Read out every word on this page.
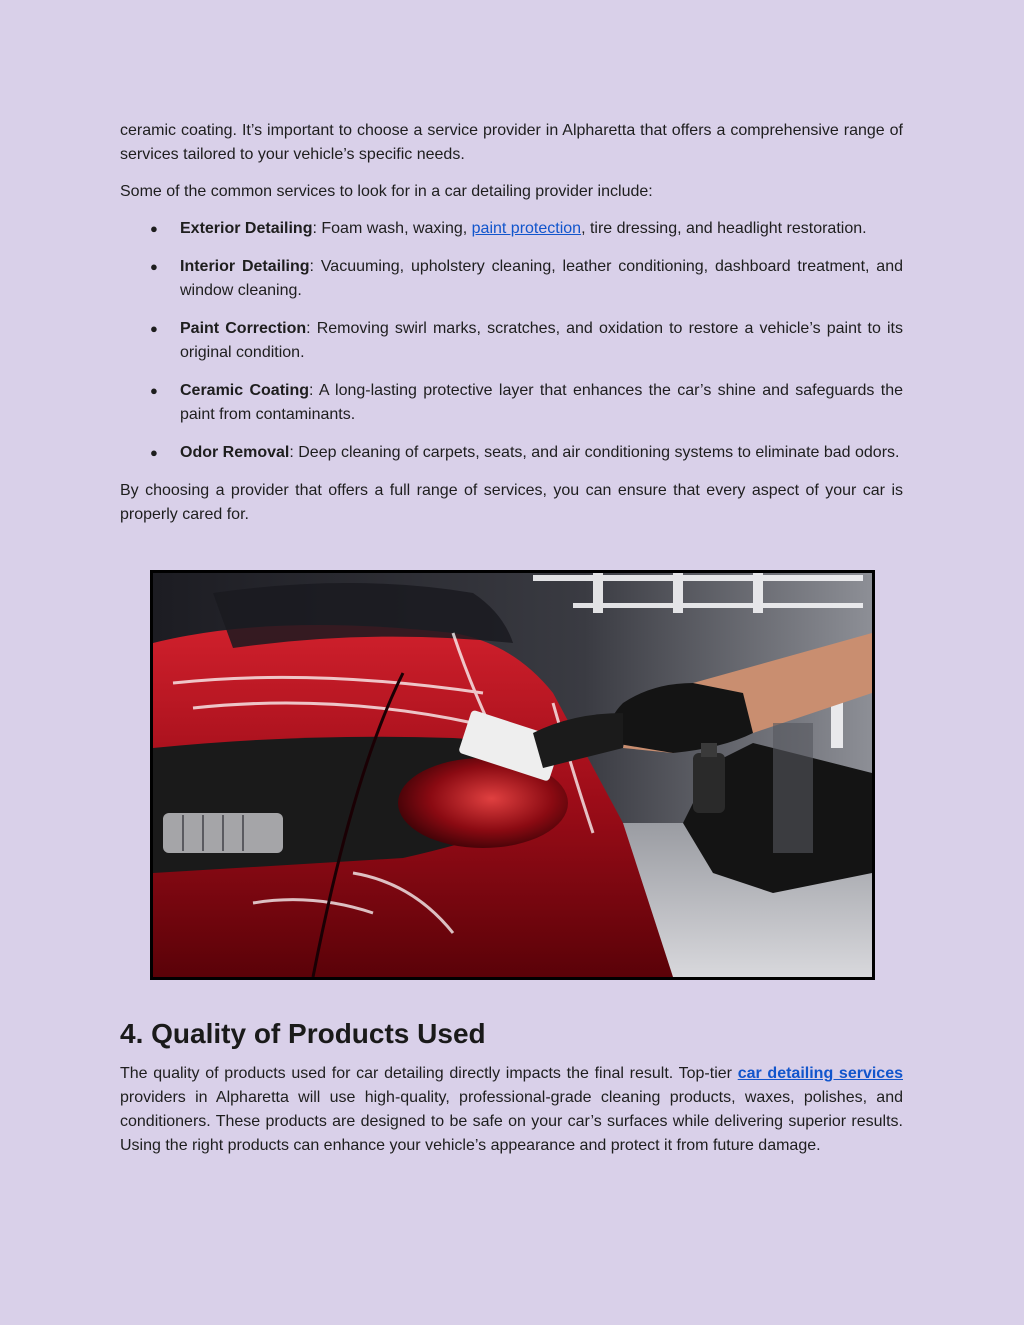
ceramic coating. It’s important to choose a service provider in Alpharetta that offers a comprehensive range of services tailored to your vehicle’s specific needs.

Some of the common services to look for in a car detailing provider include:

● Exterior Detailing: Foam wash, waxing, paint protection, tire dressing, and headlight restoration.
● Interior Detailing: Vacuuming, upholstery cleaning, leather conditioning, dashboard treatment, and window cleaning.
● Paint Correction: Removing swirl marks, scratches, and oxidation to restore a vehicle’s paint to its original condition.
● Ceramic Coating: A long-lasting protective layer that enhances the car’s shine and safeguards the paint from contaminants.
● Odor Removal: Deep cleaning of carpets, seats, and air conditioning systems to eliminate bad odors.

By choosing a provider that offers a full range of services, you can ensure that every aspect of your car is properly cared for.

4. Quality of Products Used

The quality of products used for car detailing directly impacts the final result. Top-tier car detailing services providers in Alpharetta will use high-quality, professional-grade cleaning products, waxes, polishes, and conditioners. These products are designed to be safe on your car’s surfaces while delivering superior results. Using the right products can enhance your vehicle’s appearance and protect it from future damage.
